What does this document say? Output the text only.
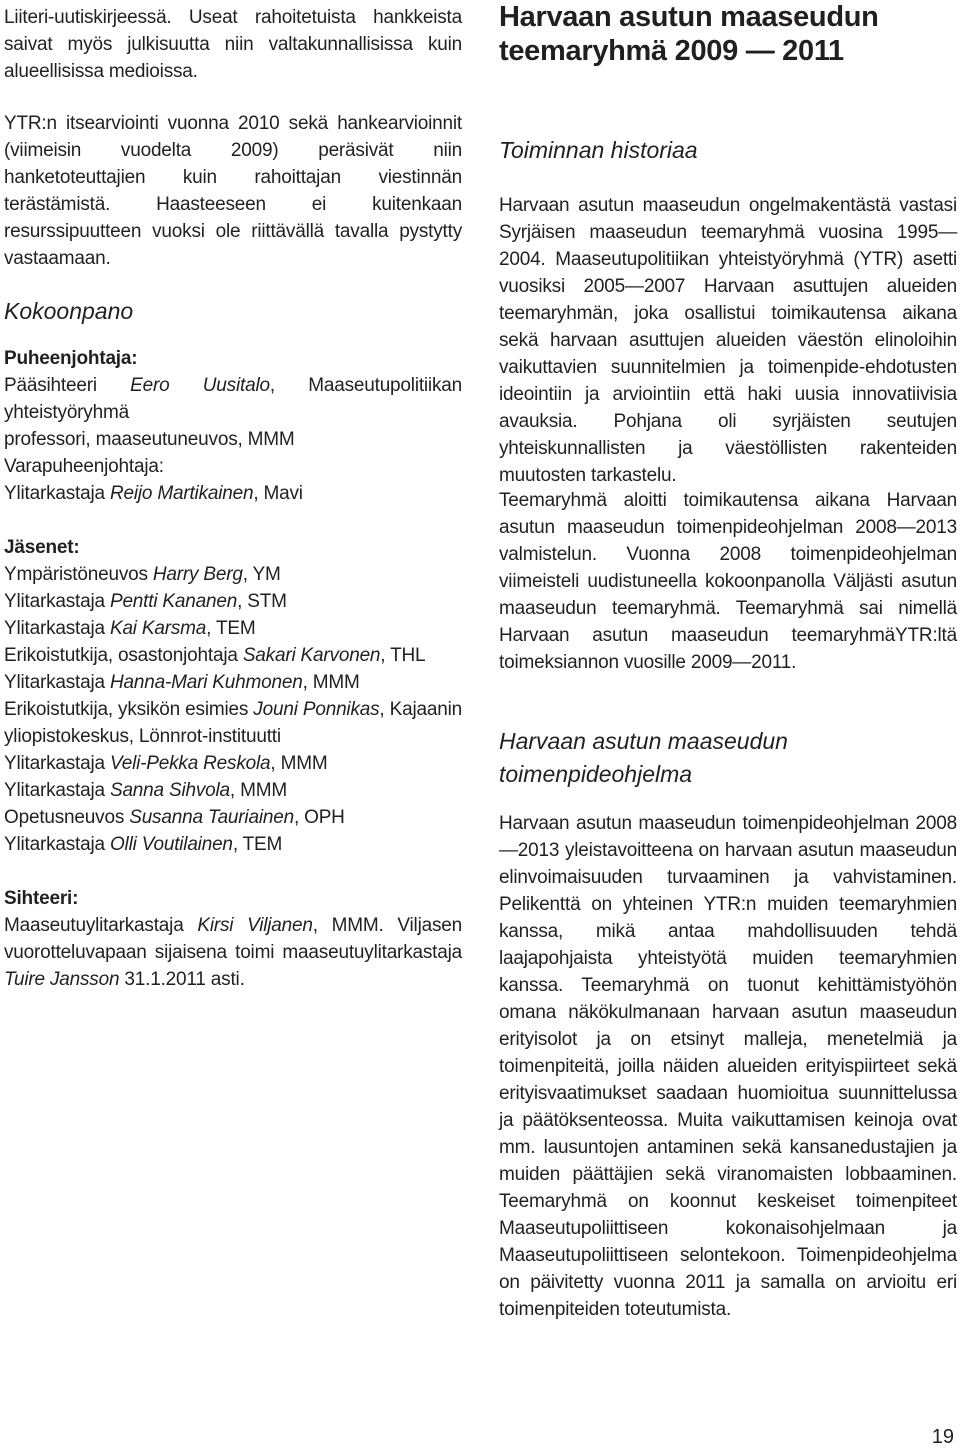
Liiteri-uutiskirjeessä. Useat rahoitetuista hankkeista saivat myös julkisuutta niin valtakunnallisissa kuin alueellisissa medioissa.

YTR:n itsearviointi vuonna 2010 sekä hankearvioinnit (viimeisin vuodelta 2009) peräsivät niin hanketoteuttajien kuin rahoittajan viestinnän terästämistä. Haasteeseen ei kuitenkaan resurssipuutteen vuoksi ole riittävällä tavalla pystytty vastaamaan.

Kokoonpano

Puheenjohtaja:

Pääsihteeri Eero Uusitalo, Maaseutupolitiikan yhteistyöryhmä

professori, maaseutuneuvos, MMM

Varapuheenjohtaja:

Ylitarkastaja Reijo Martikainen, Mavi

Jäsenet:

Ympäristöneuvos Harry Berg, YM

Ylitarkastaja Pentti Kananen, STM

Ylitarkastaja Kai Karsma, TEM

Erikoistutkija, osastonjohtaja Sakari Karvonen, THL

Ylitarkastaja Hanna-Mari Kuhmonen, MMM

Erikoistutkija, yksikön esimies Jouni Ponnikas, Kajaanin yliopistokeskus, Lönnrot-instituutti

Ylitarkastaja Veli-Pekka Reskola, MMM

Ylitarkastaja Sanna Sihvola, MMM

Opetusneuvos Susanna Tauriainen, OPH

Ylitarkastaja Olli Voutilainen, TEM

Sihteeri:

Maaseutuylitarkastaja Kirsi Viljanen, MMM. Viljasen vuorotteluvapaan sijaisena toimi maaseutuylitarkastaja Tuire Jansson 31.1.2011 asti.

Harvaan asutun maaseudun

teemaryhmä 2009 — 2011

Toiminnan historiaa

Harvaan asutun maaseudun ongelmakentästä vastasi Syrjäisen maaseudun teemaryhmä vuosina 1995—2004. Maaseutupolitiikan yhteistyöryhmä (YTR) asetti vuosiksi 2005—2007 Harvaan asuttujen alueiden teemaryhmän, joka osallistui toimikautensa aikana sekä harvaan asuttujen alueiden väestön elinoloihin vaikuttavien suunnitelmien ja toimenpide-ehdotusten ideointiin ja arviointiin että haki uusia innovatiivisia avauksia. Pohjana oli syrjäisten seutujen yhteiskunnallisten ja väestöllisten rakenteiden muutosten tarkastelu.

Teemaryhmä aloitti toimikautensa aikana Harvaan asutun maaseudun toimenpideohjelman 2008—2013 valmistelun. Vuonna 2008 toimenpideohjelman viimeisteli uudistuneella kokoonpanolla Väljästi asutun maaseudun teemaryhmä. Teemaryhmä sai nimellä Harvaan asutun maaseudun teemaryhmäYTR:ltä toimeksiannon vuosille 2009—2011.

Harvaan asutun maaseudun

toimenpideohjelma

Harvaan asutun maaseudun toimenpideohjelman 2008—2013 yleistavoitteena on harvaan asutun maaseudun elinvoimaisuuden turvaaminen ja vahvistaminen. Pelikenttä on yhteinen YTR:n muiden teemaryhmien kanssa, mikä antaa mahdollisuuden tehdä laajapohjaista yhteistyötä muiden teemaryhmien kanssa. Teemaryhmä on tuonut kehittämistyöhön omana näkökulmanaan harvaan asutun maaseudun erityisolot ja on etsinyt malleja, menetelmiä ja toimenpiteitä, joilla näiden alueiden erityispiirteet sekä erityisvaatimukset saadaan huomioitua suunnittelussa ja päätöksenteossa. Muita vaikuttamisen keinoja ovat mm. lausuntojen antaminen sekä kansanedustajien ja muiden päättäjien sekä viranomaisten lobbaaminen. Teemaryhmä on koonnut keskeiset toimenpiteet Maaseutupoliittiseen kokonaisohjelmaan ja Maaseutupoliittiseen selontekoon. Toimenpideohjelma on päivitetty vuonna 2011 ja samalla on arvioitu eri toimenpiteiden toteutumista.

19
